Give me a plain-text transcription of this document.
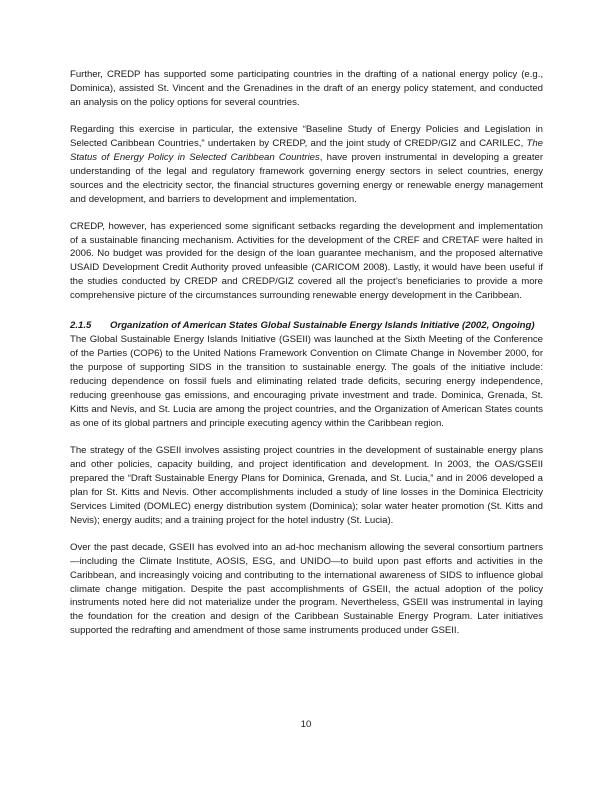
Further, CREDP has supported some participating countries in the drafting of a national energy policy (e.g., Dominica), assisted St. Vincent and the Grenadines in the draft of an energy policy statement, and conducted an analysis on the policy options for several countries.

Regarding this exercise in particular, the extensive “Baseline Study of Energy Policies and Legislation in Selected Caribbean Countries,” undertaken by CREDP, and the joint study of CREDP/GIZ and CARILEC, The Status of Energy Policy in Selected Caribbean Countries, have proven instrumental in developing a greater understanding of the legal and regulatory framework governing energy sectors in select countries, energy sources and the electricity sector, the financial structures governing energy or renewable energy management and development, and barriers to development and implementation.

CREDP, however, has experienced some significant setbacks regarding the development and implementation of a sustainable financing mechanism. Activities for the development of the CREF and CRETAF were halted in 2006. No budget was provided for the design of the loan guarantee mechanism, and the proposed alternative USAID Development Credit Authority proved unfeasible (CARICOM 2008). Lastly, it would have been useful if the studies conducted by CREDP and CREDP/GIZ covered all the project’s beneficiaries to provide a more comprehensive picture of the circumstances surrounding renewable energy development in the Caribbean.

2.1.5	Organization of American States Global Sustainable Energy Islands Initiative (2002, Ongoing)

The Global Sustainable Energy Islands Initiative (GSEII) was launched at the Sixth Meeting of the Conference of the Parties (COP6) to the United Nations Framework Convention on Climate Change in November 2000, for the purpose of supporting SIDS in the transition to sustainable energy. The goals of the initiative include: reducing dependence on fossil fuels and eliminating related trade deficits, securing energy independence, reducing greenhouse gas emissions, and encouraging private investment and trade. Dominica, Grenada, St. Kitts and Nevis, and St. Lucia are among the project countries, and the Organization of American States counts as one of its global partners and principle executing agency within the Caribbean region.

The strategy of the GSEII involves assisting project countries in the development of sustainable energy plans and other policies, capacity building, and project identification and development. In 2003, the OAS/GSEII prepared the “Draft Sustainable Energy Plans for Dominica, Grenada, and St. Lucia,” and in 2006 developed a plan for St. Kitts and Nevis. Other accomplishments included a study of line losses in the Dominica Electricity Services Limited (DOMLEC) energy distribution system (Dominica); solar water heater promotion (St. Kitts and Nevis); energy audits; and a training project for the hotel industry (St. Lucia).

Over the past decade, GSEII has evolved into an ad-hoc mechanism allowing the several consortium partners—including the Climate Institute, AOSIS, ESG, and UNIDO—to build upon past efforts and activities in the Caribbean, and increasingly voicing and contributing to the international awareness of SIDS to influence global climate change mitigation. Despite the past accomplishments of GSEII, the actual adoption of the policy instruments noted here did not materialize under the program. Nevertheless, GSEII was instrumental in laying the foundation for the creation and design of the Caribbean Sustainable Energy Program. Later initiatives supported the redrafting and amendment of those same instruments produced under GSEII.

10
